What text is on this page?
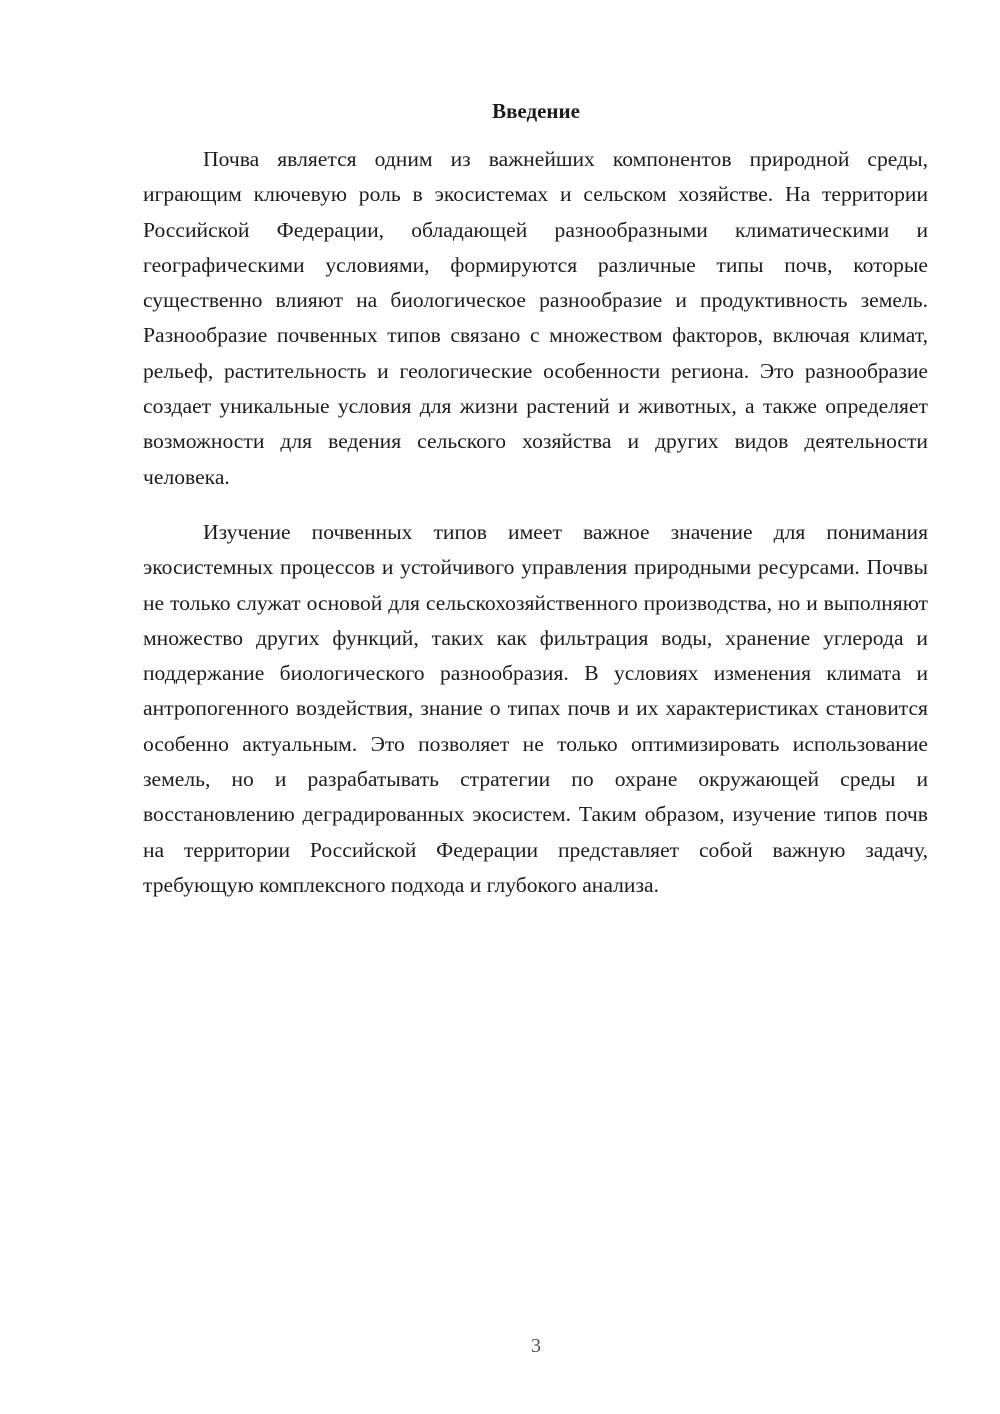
Введение

Почва является одним из важнейших компонентов природной среды, играющим ключевую роль в экосистемах и сельском хозяйстве. На территории Российской Федерации, обладающей разнообразными климатическими и географическими условиями, формируются различные типы почв, которые существенно влияют на биологическое разнообразие и продуктивность земель. Разнообразие почвенных типов связано с множеством факторов, включая климат, рельеф, растительность и геологические особенности региона. Это разнообразие создает уникальные условия для жизни растений и животных, а также определяет возможности для ведения сельского хозяйства и других видов деятельности человека.

Изучение почвенных типов имеет важное значение для понимания экосистемных процессов и устойчивого управления природными ресурсами. Почвы не только служат основой для сельскохозяйственного производства, но и выполняют множество других функций, таких как фильтрация воды, хранение углерода и поддержание биологического разнообразия. В условиях изменения климата и антропогенного воздействия, знание о типах почв и их характеристиках становится особенно актуальным. Это позволяет не только оптимизировать использование земель, но и разрабатывать стратегии по охране окружающей среды и восстановлению деградированных экосистем. Таким образом, изучение типов почв на территории Российской Федерации представляет собой важную задачу, требующую комплексного подхода и глубокого анализа.

3
